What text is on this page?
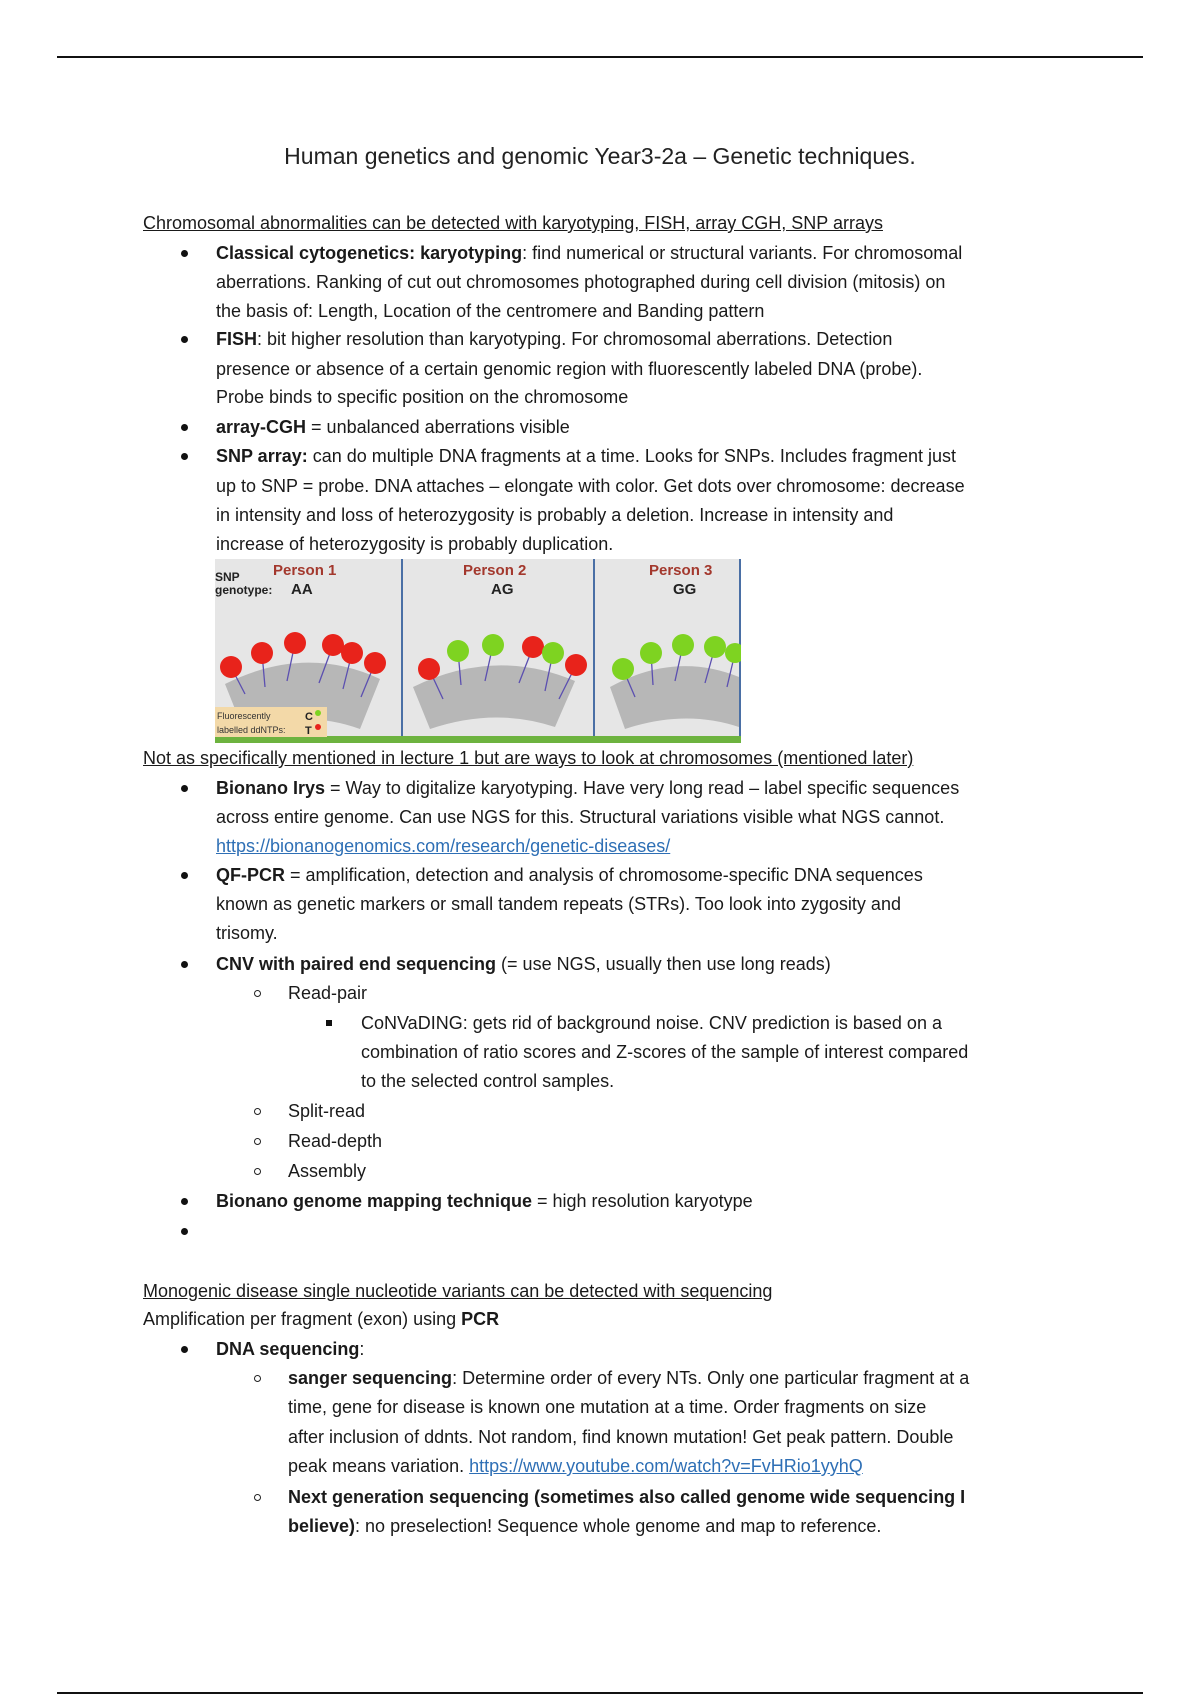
Human genetics and genomic Year3-2a – Genetic techniques.
Chromosomal abnormalities can be detected with karyotyping, FISH, array CGH, SNP arrays
Classical cytogenetics: karyotyping: find numerical or structural variants. For chromosomal
aberrations. Ranking of cut out chromosomes photographed during cell division (mitosis) on
the basis of: Length, Location of the centromere and Banding pattern
FISH: bit higher resolution than karyotyping. For chromosomal aberrations. Detection
presence or absence of a certain genomic region with fluorescently labeled DNA (probe).
Probe binds to specific position on the chromosome
array-CGH = unbalanced aberrations visible
SNP array: can do multiple DNA fragments at a time. Looks for SNPs. Includes fragment just
up to SNP = probe. DNA attaches – elongate with color. Get dots over chromosome: decrease
in intensity and loss of heterozygosity is probably a deletion. Increase in intensity and
increase of heterozygosity is probably duplication.
SNP
genotype:
Person 1
AA
Person 2
AG
Person 3
GG
Fluorescently
labelled ddNTPs:
C
T
Not as specifically mentioned in lecture 1 but are ways to look at chromosomes (mentioned later)
Bionano Irys = Way to digitalize karyotyping. Have very long read – label specific sequences
across entire genome. Can use NGS for this. Structural variations visible what NGS cannot.
https://bionanogenomics.com/research/genetic-diseases/
QF-PCR = amplification, detection and analysis of chromosome-specific DNA sequences
known as genetic markers or small tandem repeats (STRs). Too look into zygosity and
trisomy.
CNV with paired end sequencing (= use NGS, usually then use long reads)
Read-pair
CoNVaDING: gets rid of background noise. CNV prediction is based on a
combination of ratio scores and Z-scores of the sample of interest compared
to the selected control samples.
Split-read
Read-depth
Assembly
Bionano genome mapping technique = high resolution karyotype
Monogenic disease single nucleotide variants can be detected with sequencing
Amplification per fragment (exon) using PCR
DNA sequencing:
sanger sequencing: Determine order of every NTs. Only one particular fragment at a
time, gene for disease is known one mutation at a time. Order fragments on size
after inclusion of ddnts. Not random, find known mutation! Get peak pattern. Double
peak means variation. https://www.youtube.com/watch?v=FvHRio1yyhQ
Next generation sequencing (sometimes also called genome wide sequencing I
believe): no preselection! Sequence whole genome and map to reference.
